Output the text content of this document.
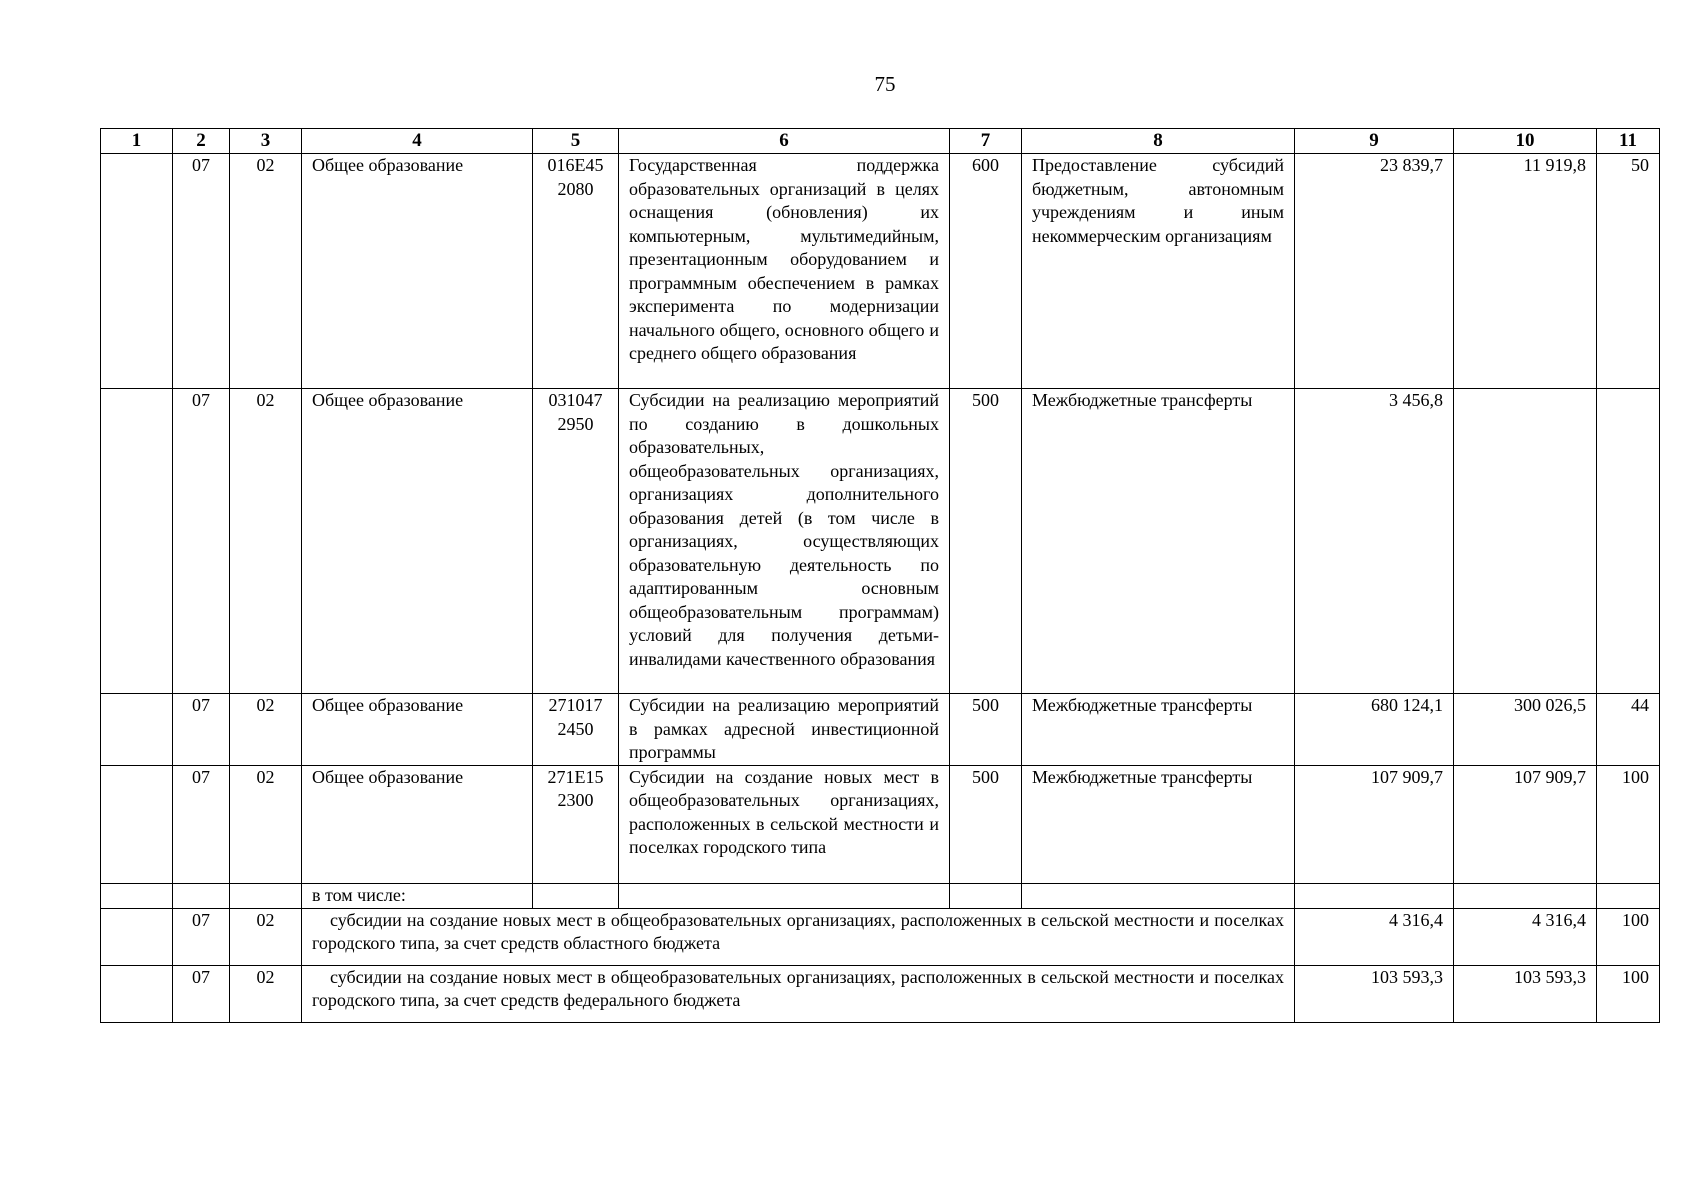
75
1	2	3	4	5	6	7	8	9	10	11
	07	02	Общее образование	016E45 2080	Государственная поддержка образовательных организаций в целях оснащения (обновления) их компьютерным, мультимедийным, презентационным оборудованием и программным обеспечением в рамках эксперимента по модернизации начального общего, основного общего и среднего общего образования	600	Предоставление субсидий бюджетным, автономным учреждениям и иным некоммерческим организациям	23 839,7	11 919,8	50
	07	02	Общее образование	031047 2950	Субсидии на реализацию мероприятий по созданию в дошкольных образовательных, общеобразовательных организациях, организациях дополнительного образования детей (в том числе в организациях, осуществляющих образовательную деятельность по адаптированным основным общеобразовательным программам) условий для получения детьми-инвалидами качественного образования	500	Межбюджетные трансферты	3 456,8		
	07	02	Общее образование	271017 2450	Субсидии на реализацию мероприятий в рамках адресной инвестиционной программы	500	Межбюджетные трансферты	680 124,1	300 026,5	44
	07	02	Общее образование	271E15 2300	Субсидии на создание новых мест в общеобразовательных организациях, расположенных в сельской местности и поселках городского типа	500	Межбюджетные трансферты	107 909,7	107 909,7	100
			в том числе:							
	07	02	субсидии на создание новых мест в общеобразовательных организациях, расположенных в сельской местности и поселках городского типа, за счет средств областного бюджета					4 316,4	4 316,4	100
	07	02	субсидии на создание новых мест в общеобразовательных организациях, расположенных в сельской местности и поселках городского типа, за счет средств федерального бюджета					103 593,3	103 593,3	100
